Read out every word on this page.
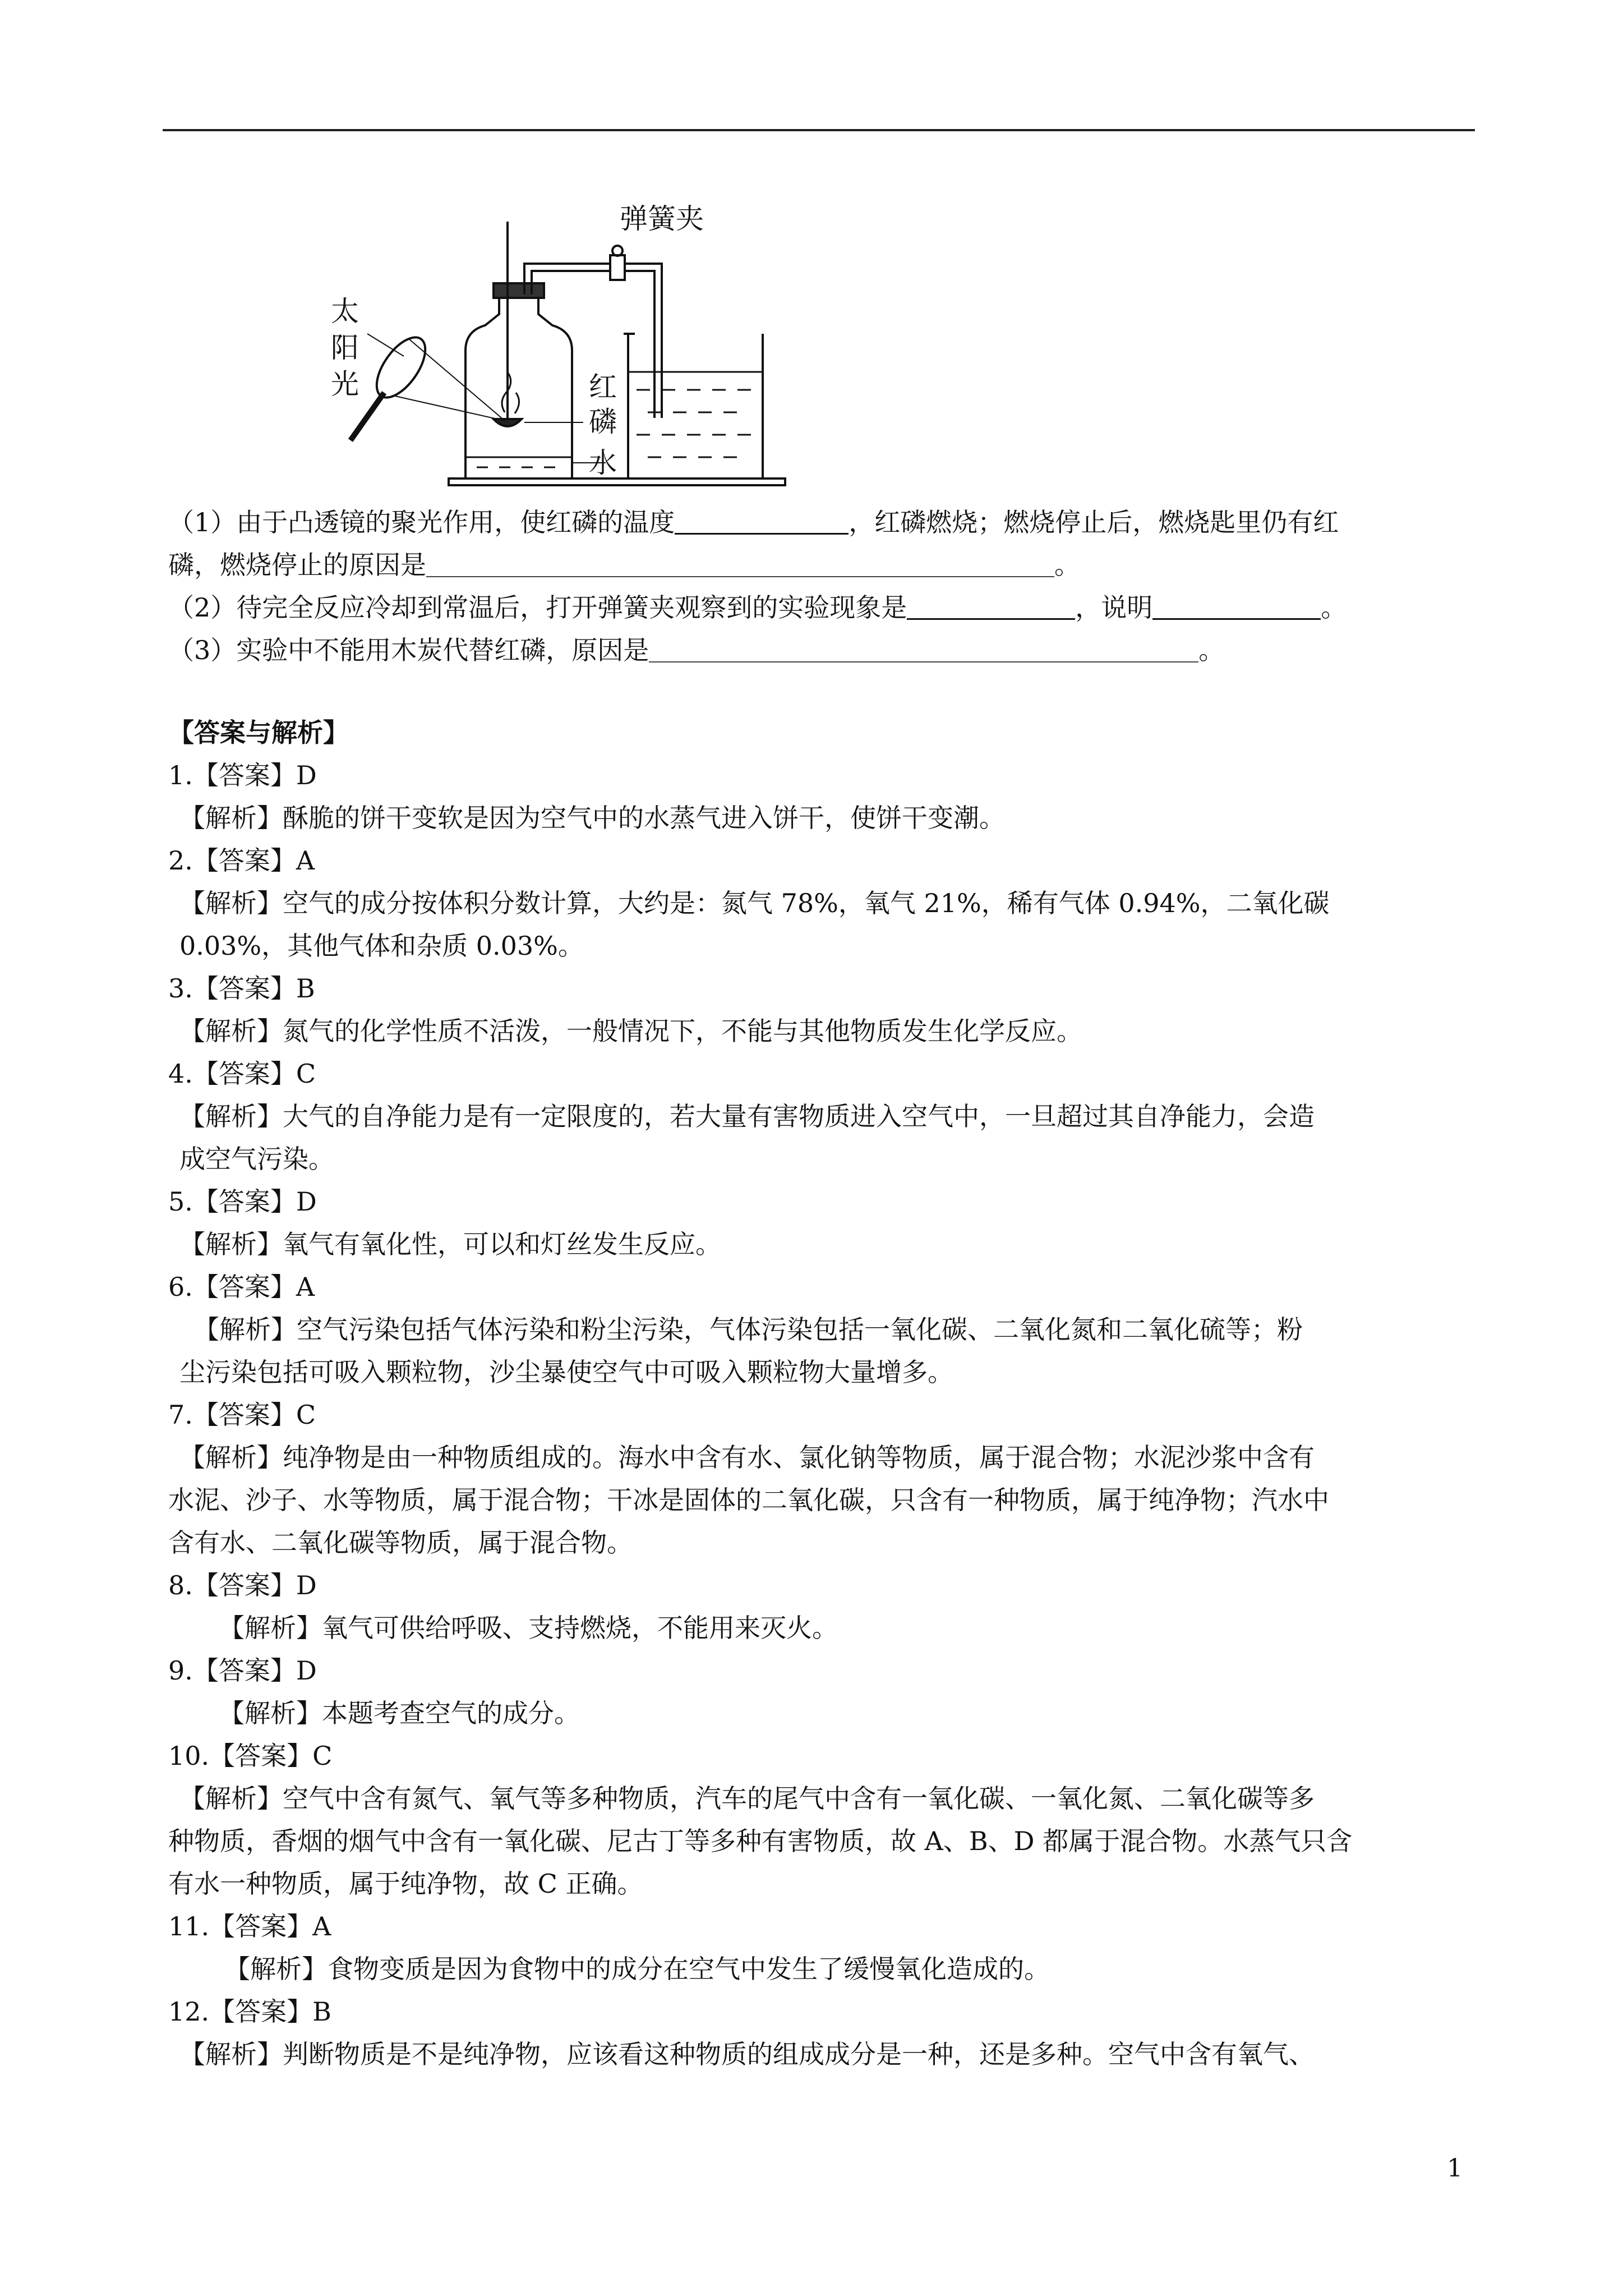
弹簧夹
太
阳
光	红
磷
水
（1）由于凸透镜的聚光作用，使红磷的温度	，红磷燃烧；燃烧停止后，燃烧匙里仍有红
磷，燃烧停止的原因是	。
（2）待完全反应冷却到常温后，打开弹簧夹观察到的实验现象是	，说明	。
（3）实验中不能用木炭代替红磷，原因是	。
【答案与解析】
1.【答案】D
【解析】酥脆的饼干变软是因为空气中的水蒸气进入饼干，使饼干变潮。
2.【答案】A
【解析】空气的成分按体积分数计算，大约是：氮气 78%，氧气 21%，稀有气体 0.94%，二氧化碳
0.03%，其他气体和杂质 0.03%。
3.【答案】B
【解析】氮气的化学性质不活泼，一般情况下，不能与其他物质发生化学反应。
4.【答案】C
【解析】大气的自净能力是有一定限度的，若大量有害物质进入空气中，一旦超过其自净能力，会造
成空气污染。
5.【答案】D
【解析】氧气有氧化性，可以和灯丝发生反应。
6.【答案】A
【解析】空气污染包括气体污染和粉尘污染，气体污染包括一氧化碳、二氧化氮和二氧化硫等；粉
尘污染包括可吸入颗粒物，沙尘暴使空气中可吸入颗粒物大量增多。
7.【答案】C
【解析】纯净物是由一种物质组成的。海水中含有水、氯化钠等物质，属于混合物；水泥沙浆中含有
水泥、沙子、水等物质，属于混合物；干冰是固体的二氧化碳，只含有一种物质，属于纯净物；汽水中
含有水、二氧化碳等物质，属于混合物。
8.【答案】D
【解析】氧气可供给呼吸、支持燃烧，不能用来灭火。
9.【答案】D
【解析】本题考查空气的成分。
10.【答案】C
【解析】空气中含有氮气、氧气等多种物质，汽车的尾气中含有一氧化碳、一氧化氮、二氧化碳等多
种物质，香烟的烟气中含有一氧化碳、尼古丁等多种有害物质，故 A、B、D 都属于混合物。水蒸气只含
有水一种物质，属于纯净物，故 C 正确。
11.【答案】A
【解析】食物变质是因为食物中的成分在空气中发生了缓慢氧化造成的。
12.【答案】B
【解析】判断物质是不是纯净物，应该看这种物质的组成成分是一种，还是多种。空气中含有氧气、
1
